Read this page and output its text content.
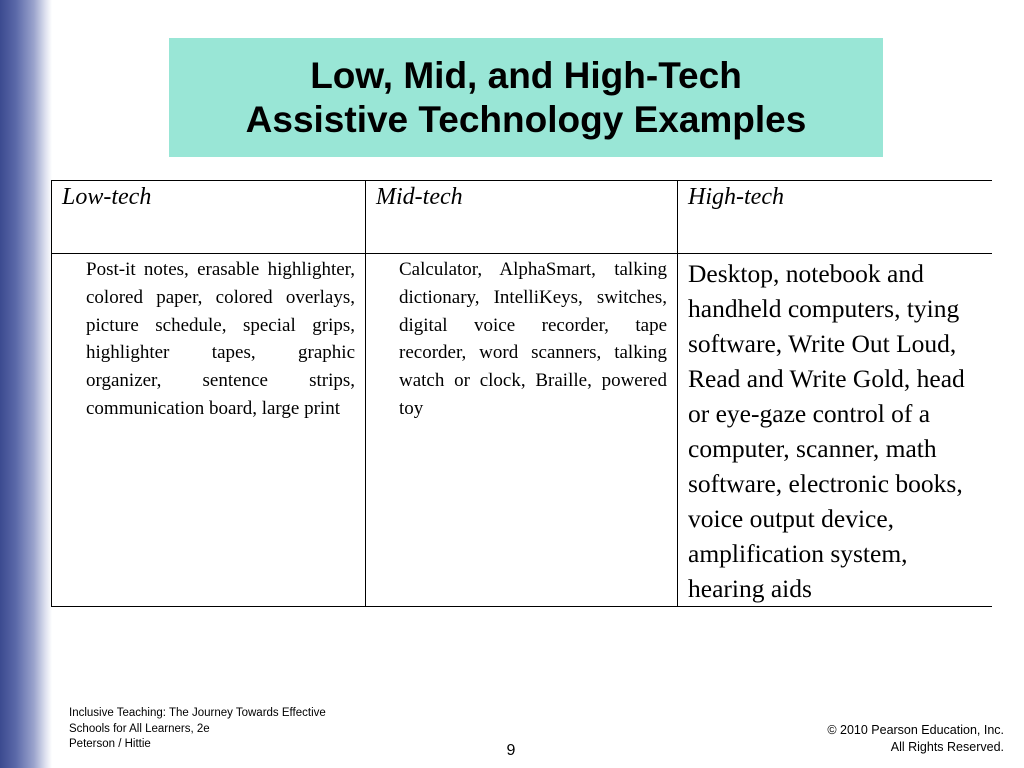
Low, Mid, and High-Tech
Assistive Technology Examples
Low-tech	Mid-tech	High-tech
Post-it notes, erasable highlighter, colored paper, colored overlays, picture schedule, special grips, highlighter tapes, graphic organizer, sentence strips, communication board, large print	Calculator, AlphaSmart, talking dictionary, IntelliKeys, switches, digital voice recorder, tape recorder, word scanners, talking watch or clock, Braille, powered toy	Desktop, notebook and handheld computers, tying software, Write Out Loud, Read and Write Gold, head or eye-gaze control of a computer, scanner, math software, electronic books, voice output device, amplification system, hearing aids
Inclusive Teaching: The Journey Towards Effective
Schools for All Learners, 2e
Peterson / Hittie	9
© 2010 Pearson Education, Inc.
All Rights Reserved.
